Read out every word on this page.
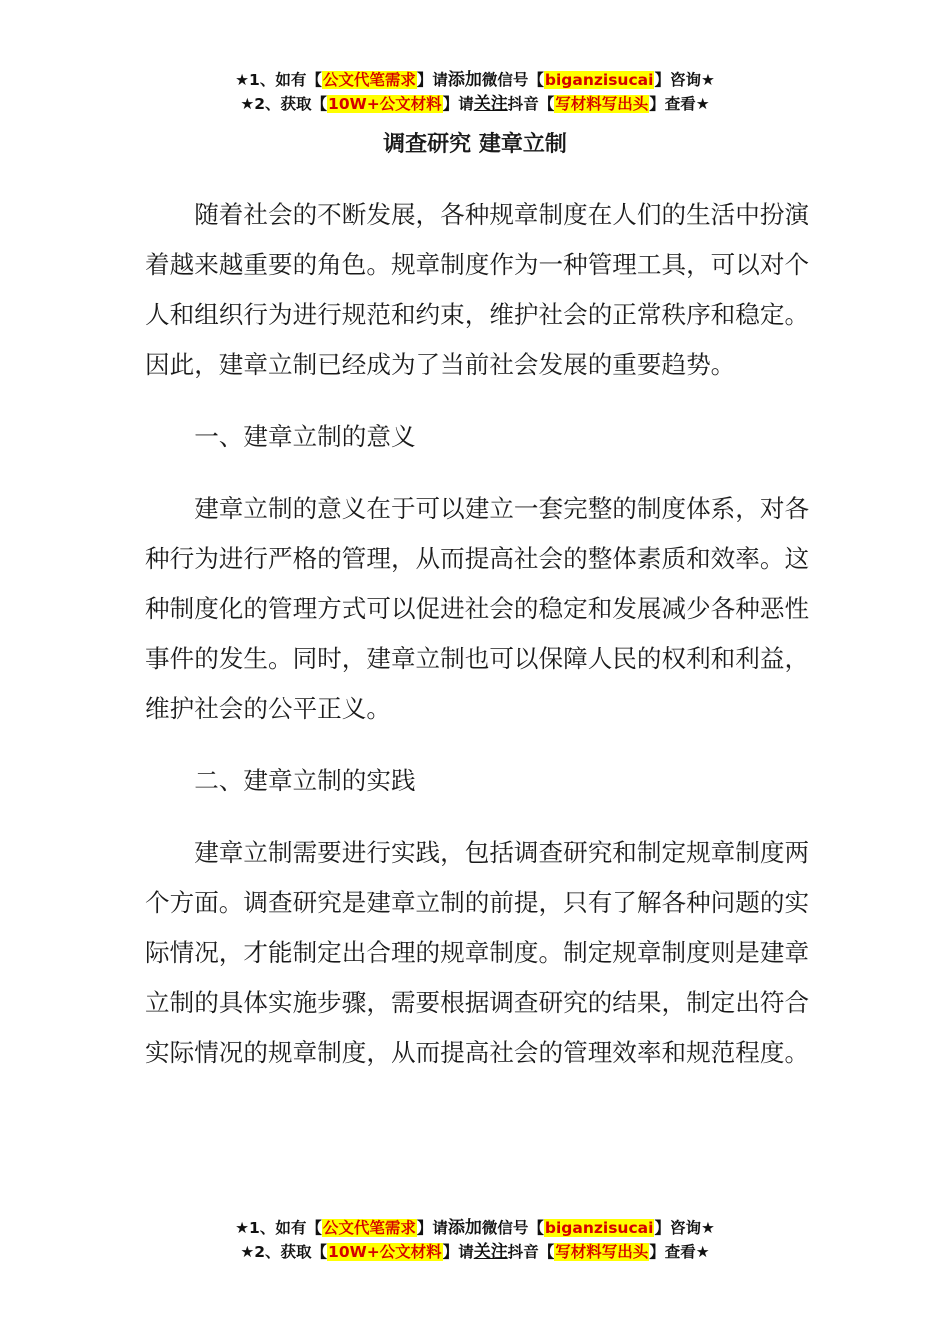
★1、如有【公文代笔需求】请添加微信号【biganzisucai】咨询★
★2、获取【10W+公文材料】请关注抖音【写材料写出头】查看★
调查研究 建章立制

随着社会的不断发展，各种规章制度在人们的生活中扮演着越来越重要的角色。规章制度作为一种管理工具，可以对个人和组织行为进行规范和约束，维护社会的正常秩序和稳定。因此，建章立制已经成为了当前社会发展的重要趋势。

一、建章立制的意义

建章立制的意义在于可以建立一套完整的制度体系，对各种行为进行严格的管理，从而提高社会的整体素质和效率。这种制度化的管理方式可以促进社会的稳定和发展减少各种恶性事件的发生。同时，建章立制也可以保障人民的权利和利益，维护社会的公平正义。

二、建章立制的实践

建章立制需要进行实践，包括调查研究和制定规章制度两个方面。调查研究是建章立制的前提，只有了解各种问题的实际情况，才能制定出合理的规章制度。制定规章制度则是建章立制的具体实施步骤，需要根据调查研究的结果，制定出符合实际情况的规章制度，从而提高社会的管理效率和规范程度。

★1、如有【公文代笔需求】请添加微信号【biganzisucai】咨询★
★2、获取【10W+公文材料】请关注抖音【写材料写出头】查看★
